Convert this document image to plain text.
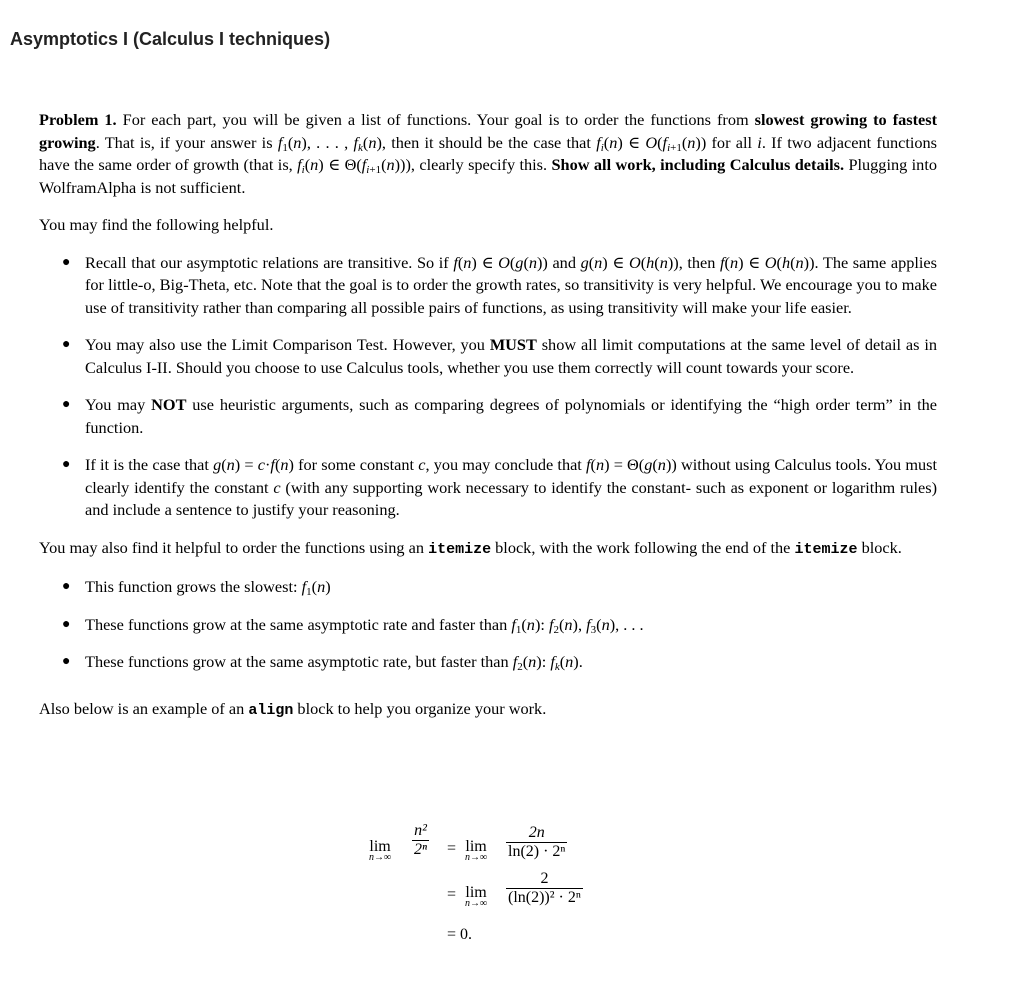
Asymptotics I (Calculus I techniques)

Problem 1. For each part, you will be given a list of functions. Your goal is to order the functions from slowest growing to fastest growing. That is, if your answer is $f_1(n)$, . . . , $f_k(n)$, then it should be the case that $f_i(n)$ ∈ $O(f_{i+1}(n))$ for all i. If two adjacent functions have the same order of growth (that is, $f_i(n)$ ∈ $\Theta(f_{i+1}(n))$), clearly specify this. Show all work, including Calculus details. Plugging into WolframAlpha is not sufficient.

You may find the following helpful.

● Recall that our asymptotic relations are transitive. So if f(n) ∈ O(g(n)) and g(n) ∈ O(h(n)), then f(n) ∈ O(h(n)). The same applies for little-o, Big-Theta, etc. Note that the goal is to order the growth rates, so transitivity is very helpful. We encourage you to make use of transitivity rather than comparing all possible pairs of functions, as using transitivity will make your life easier.
● You may also use the Limit Comparison Test. However, you MUST show all limit computations at the same level of detail as in Calculus I-II. Should you choose to use Calculus tools, whether you use them correctly will count towards your score.
● You may NOT use heuristic arguments, such as comparing degrees of polynomials or identifying the “high order term” in the function.
● If it is the case that g(n) = c·f(n) for some constant c, you may conclude that f(n) = Θ(g(n)) without using Calculus tools. You must clearly identify the constant c (with any supporting work necessary to identify the constant- such as exponent or logarithm rules) and include a sentence to justify your reasoning.

You may also find it helpful to order the functions using an itemize block, with the work following the end of the itemize block.

● This function grows the slowest: $f_1(n)$
● These functions grow at the same asymptotic rate and faster than $f_1(n)$: $f_2(n)$, $f_3(n)$, . . .
● These functions grow at the same asymptotic rate, but faster than $f_2(n)$: $f_k(n)$.

Also below is an example of an align block to help you organize your work.

lim
$n\to\infty \frac{\text{n²}}{\text{2ⁿ}} = \lim$
$n\to\infty \frac{2n}{\text{ln(2) · 2ⁿ}}$
= lim
$n\to\infty \frac{2}{\text{(ln(2))² · 2ⁿ}}$
= 0.
